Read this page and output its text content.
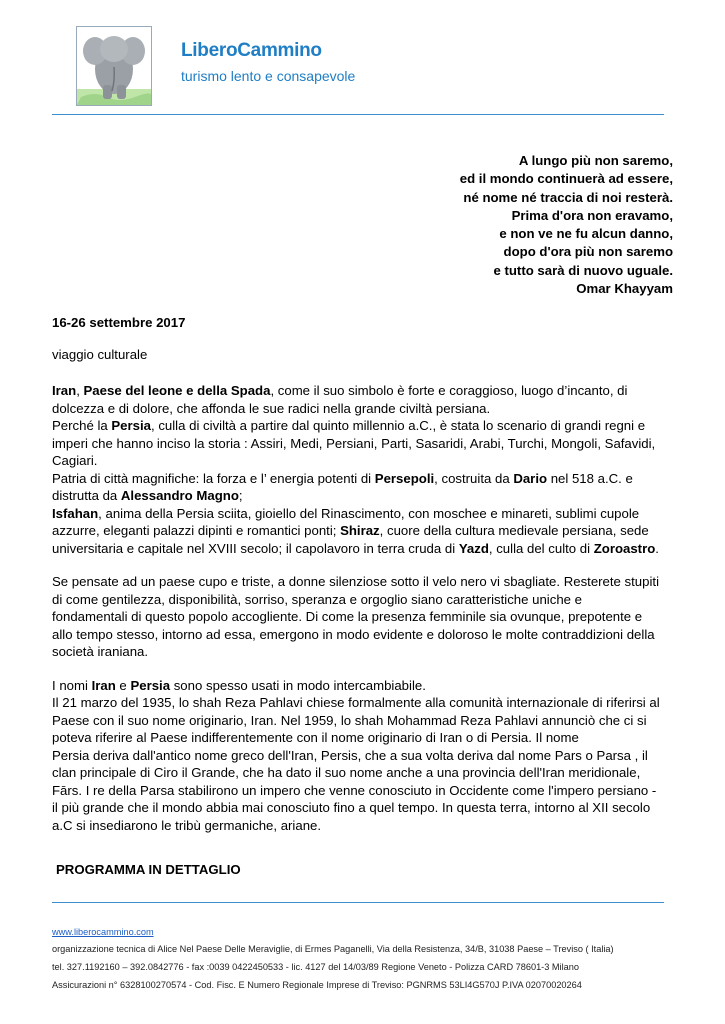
LiberoCammino
turismo lento e consapevole
A lungo più non saremo,
ed il mondo continuerà ad essere,
né nome né traccia di noi resterà.
Prima d'ora non eravamo,
e non ve ne fu alcun danno,
dopo d'ora più non saremo
e tutto sarà di nuovo uguale.
Omar Khayyam
16-26 settembre 2017
viaggio culturale

Iran, Paese del leone e della Spada, come il suo simbolo è forte e coraggioso, luogo d’incanto, di
dolcezza e di dolore, che affonda le sue radici nella grande civiltà persiana.
Perché la Persia, culla di civiltà a partire dal quinto millennio a.C., è stata lo scenario di grandi regni e
imperi che hanno inciso la storia : Assiri, Medi, Persiani, Parti, Sasaridi, Arabi, Turchi, Mongoli, Safavidi,
Cagiari.
Patria di città magnifiche: la forza e l’ energia potenti di Persepoli, costruita da Dario nel 518 a.C. e
distrutta da Alessandro Magno;
Isfahan, anima della Persia sciita, gioiello del Rinascimento, con moschee e minareti, sublimi cupole
azzurre, eleganti palazzi dipinti e romantici ponti; Shiraz, cuore della cultura medievale persiana, sede
universitaria e capitale nel XVIII secolo; il capolavoro in terra cruda di Yazd, culla del culto di Zoroastro.

Se pensate ad un paese cupo e triste, a donne silenziose sotto il velo nero vi sbagliate. Resterete stupiti
di come gentilezza, disponibilità, sorriso, speranza e orgoglio siano caratteristiche uniche e
fondamentali di questo popolo accogliente. Di come la presenza femminile sia ovunque, prepotente e
allo tempo stesso, intorno ad essa, emergono in modo evidente e doloroso le molte contraddizioni della
società iraniana.

I nomi Iran e Persia sono spesso usati in modo intercambiabile.
Il 21 marzo del 1935, lo shah Reza Pahlavi chiese formalmente alla comunità internazionale di riferirsi al
Paese con il suo nome originario, Iran. Nel 1959, lo shah Mohammad Reza Pahlavi annunciò che ci si
poteva riferire al Paese indifferentemente con il nome originario di Iran o di Persia. Il nome
Persia deriva dall'antico nome greco dell'Iran, Persis, che a sua volta deriva dal nome Pars o Parsa , il
clan principale di Ciro il Grande, che ha dato il suo nome anche a una provincia dell'Iran meridionale,
Fārs. I re della Parsa stabilirono un impero che venne conosciuto in Occidente come l'impero persiano -
il più grande che il mondo abbia mai conosciuto fino a quel tempo. In questa terra, intorno al XII secolo
a.C si insediarono le tribù germaniche, ariane.

PROGRAMMA IN DETTAGLIO
www.liberocammino.com
organizzazione tecnica di Alice Nel Paese Delle Meraviglie, di Ermes Paganelli, Via della Resistenza, 34/B, 31038 Paese – Treviso ( Italia)
tel. 327.1192160 – 392.0842776 - fax :0039 0422450533 - lic. 4127 del 14/03/89 Regione Veneto - Polizza CARD 78601-3 Milano
Assicurazioni n° 6328100270574 - Cod. Fisc. E Numero Regionale Imprese di Treviso: PGNRMS 53LI4G570J P.IVA 02070020264
